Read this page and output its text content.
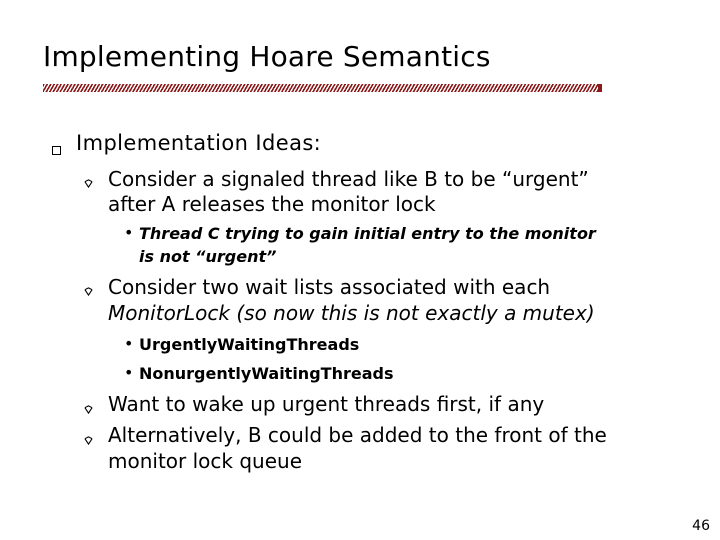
Implementing Hoare Semantics
Implementation Ideas:
Consider a signaled thread like B to be “urgent”
after A releases the monitor lock
• Thread C trying to gain initial entry to the monitor
is not “urgent”
Consider two wait lists associated with each
MonitorLock (so now this is not exactly a mutex)
• UrgentlyWaitingThreads
• NonurgentlyWaitingThreads
Want to wake up urgent threads first, if any
Alternatively, B could be added to the front of the
monitor lock queue
46
